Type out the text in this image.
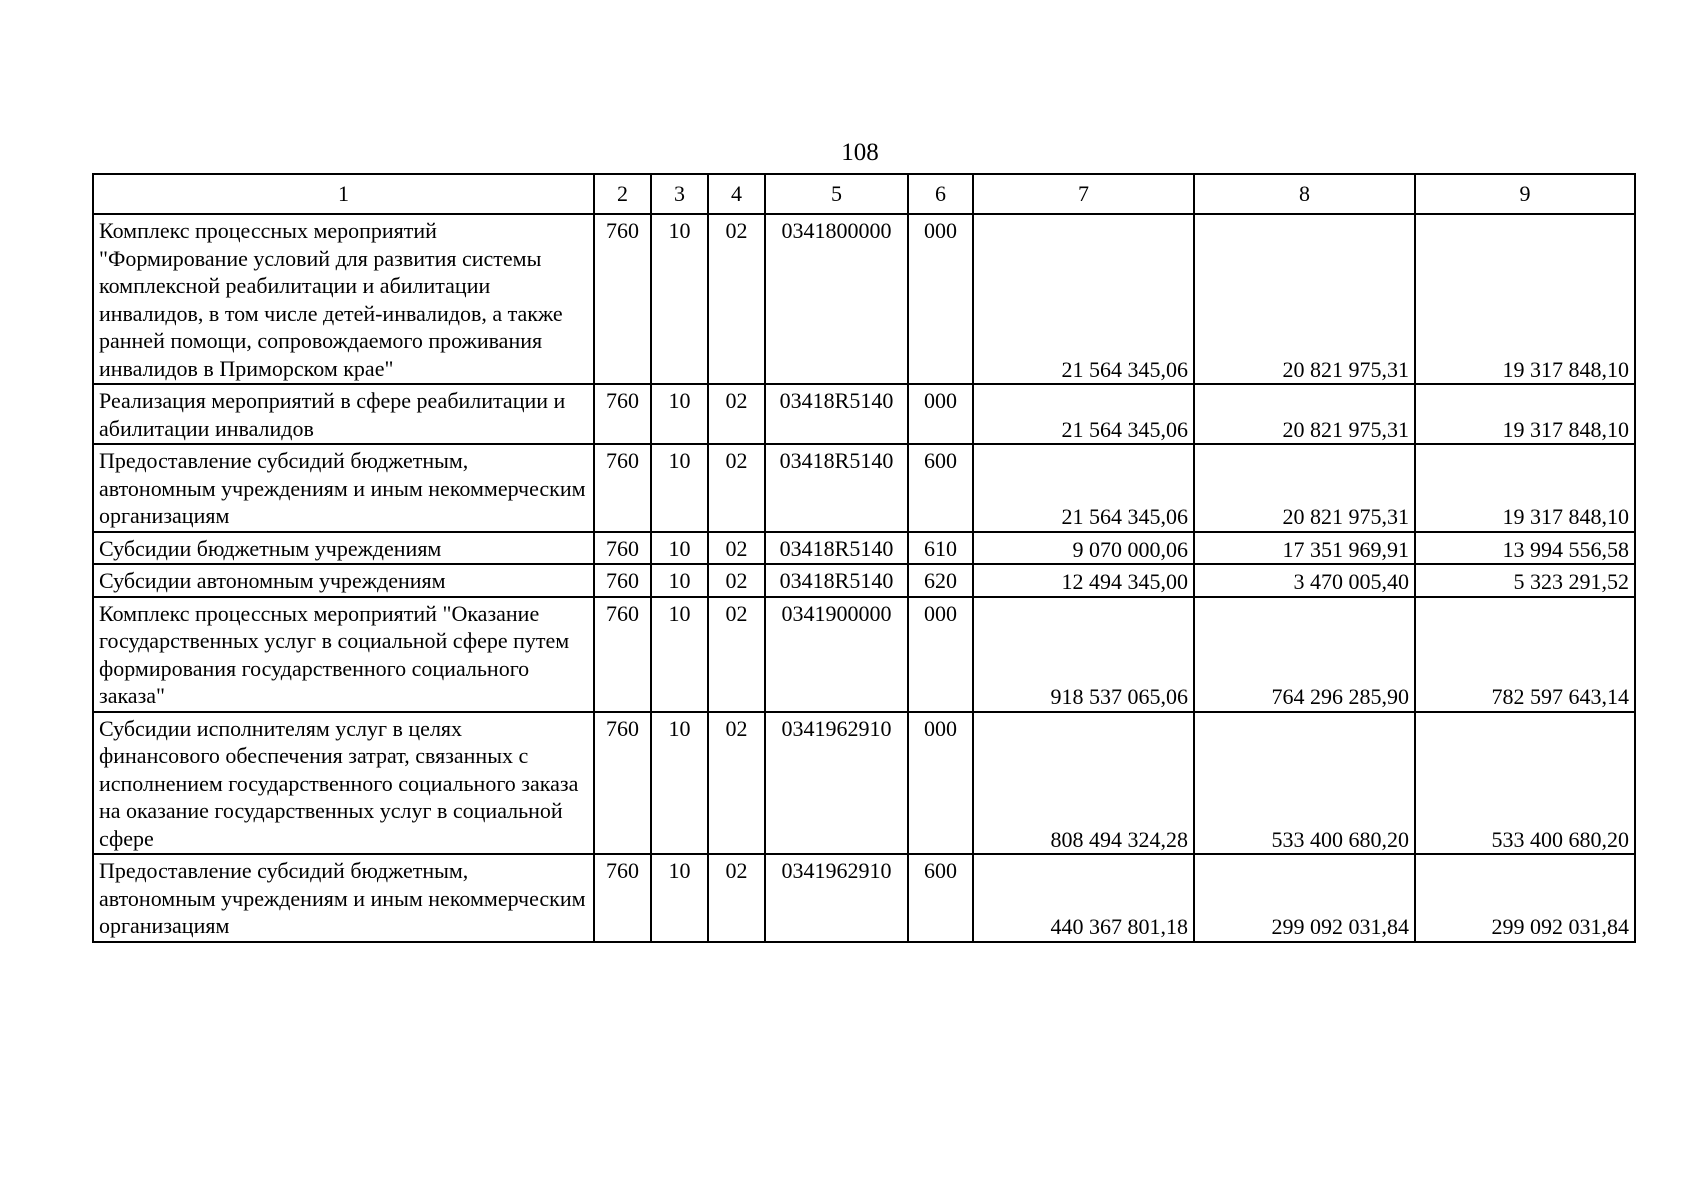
108
1	2	3	4	5	6	7	8	9
Комплекс процессных мероприятий "Формирование условий для развития системы комплексной реабилитации и абилитации инвалидов, в том числе детей-инвалидов, а также ранней помощи, сопровождаемого проживания инвалидов в Приморском крае"	760	10	02	0341800000	000	21 564 345,06	20 821 975,31	19 317 848,10
Реализация мероприятий в сфере реабилитации и абилитации инвалидов	760	10	02	03418R5140	000	21 564 345,06	20 821 975,31	19 317 848,10
Предоставление субсидий бюджетным, автономным учреждениям и иным некоммерческим организациям	760	10	02	03418R5140	600	21 564 345,06	20 821 975,31	19 317 848,10
Субсидии бюджетным учреждениям	760	10	02	03418R5140	610	9 070 000,06	17 351 969,91	13 994 556,58
Субсидии автономным учреждениям	760	10	02	03418R5140	620	12 494 345,00	3 470 005,40	5 323 291,52
Комплекс процессных мероприятий "Оказание государственных услуг в социальной сфере путем формирования государственного социального заказа"	760	10	02	0341900000	000	918 537 065,06	764 296 285,90	782 597 643,14
Субсидии исполнителям услуг в целях финансового обеспечения затрат, связанных с исполнением государственного социального заказа на оказание государственных услуг в социальной сфере	760	10	02	0341962910	000	808 494 324,28	533 400 680,20	533 400 680,20
Предоставление субсидий бюджетным, автономным учреждениям и иным некоммерческим организациям	760	10	02	0341962910	600	440 367 801,18	299 092 031,84	299 092 031,84
